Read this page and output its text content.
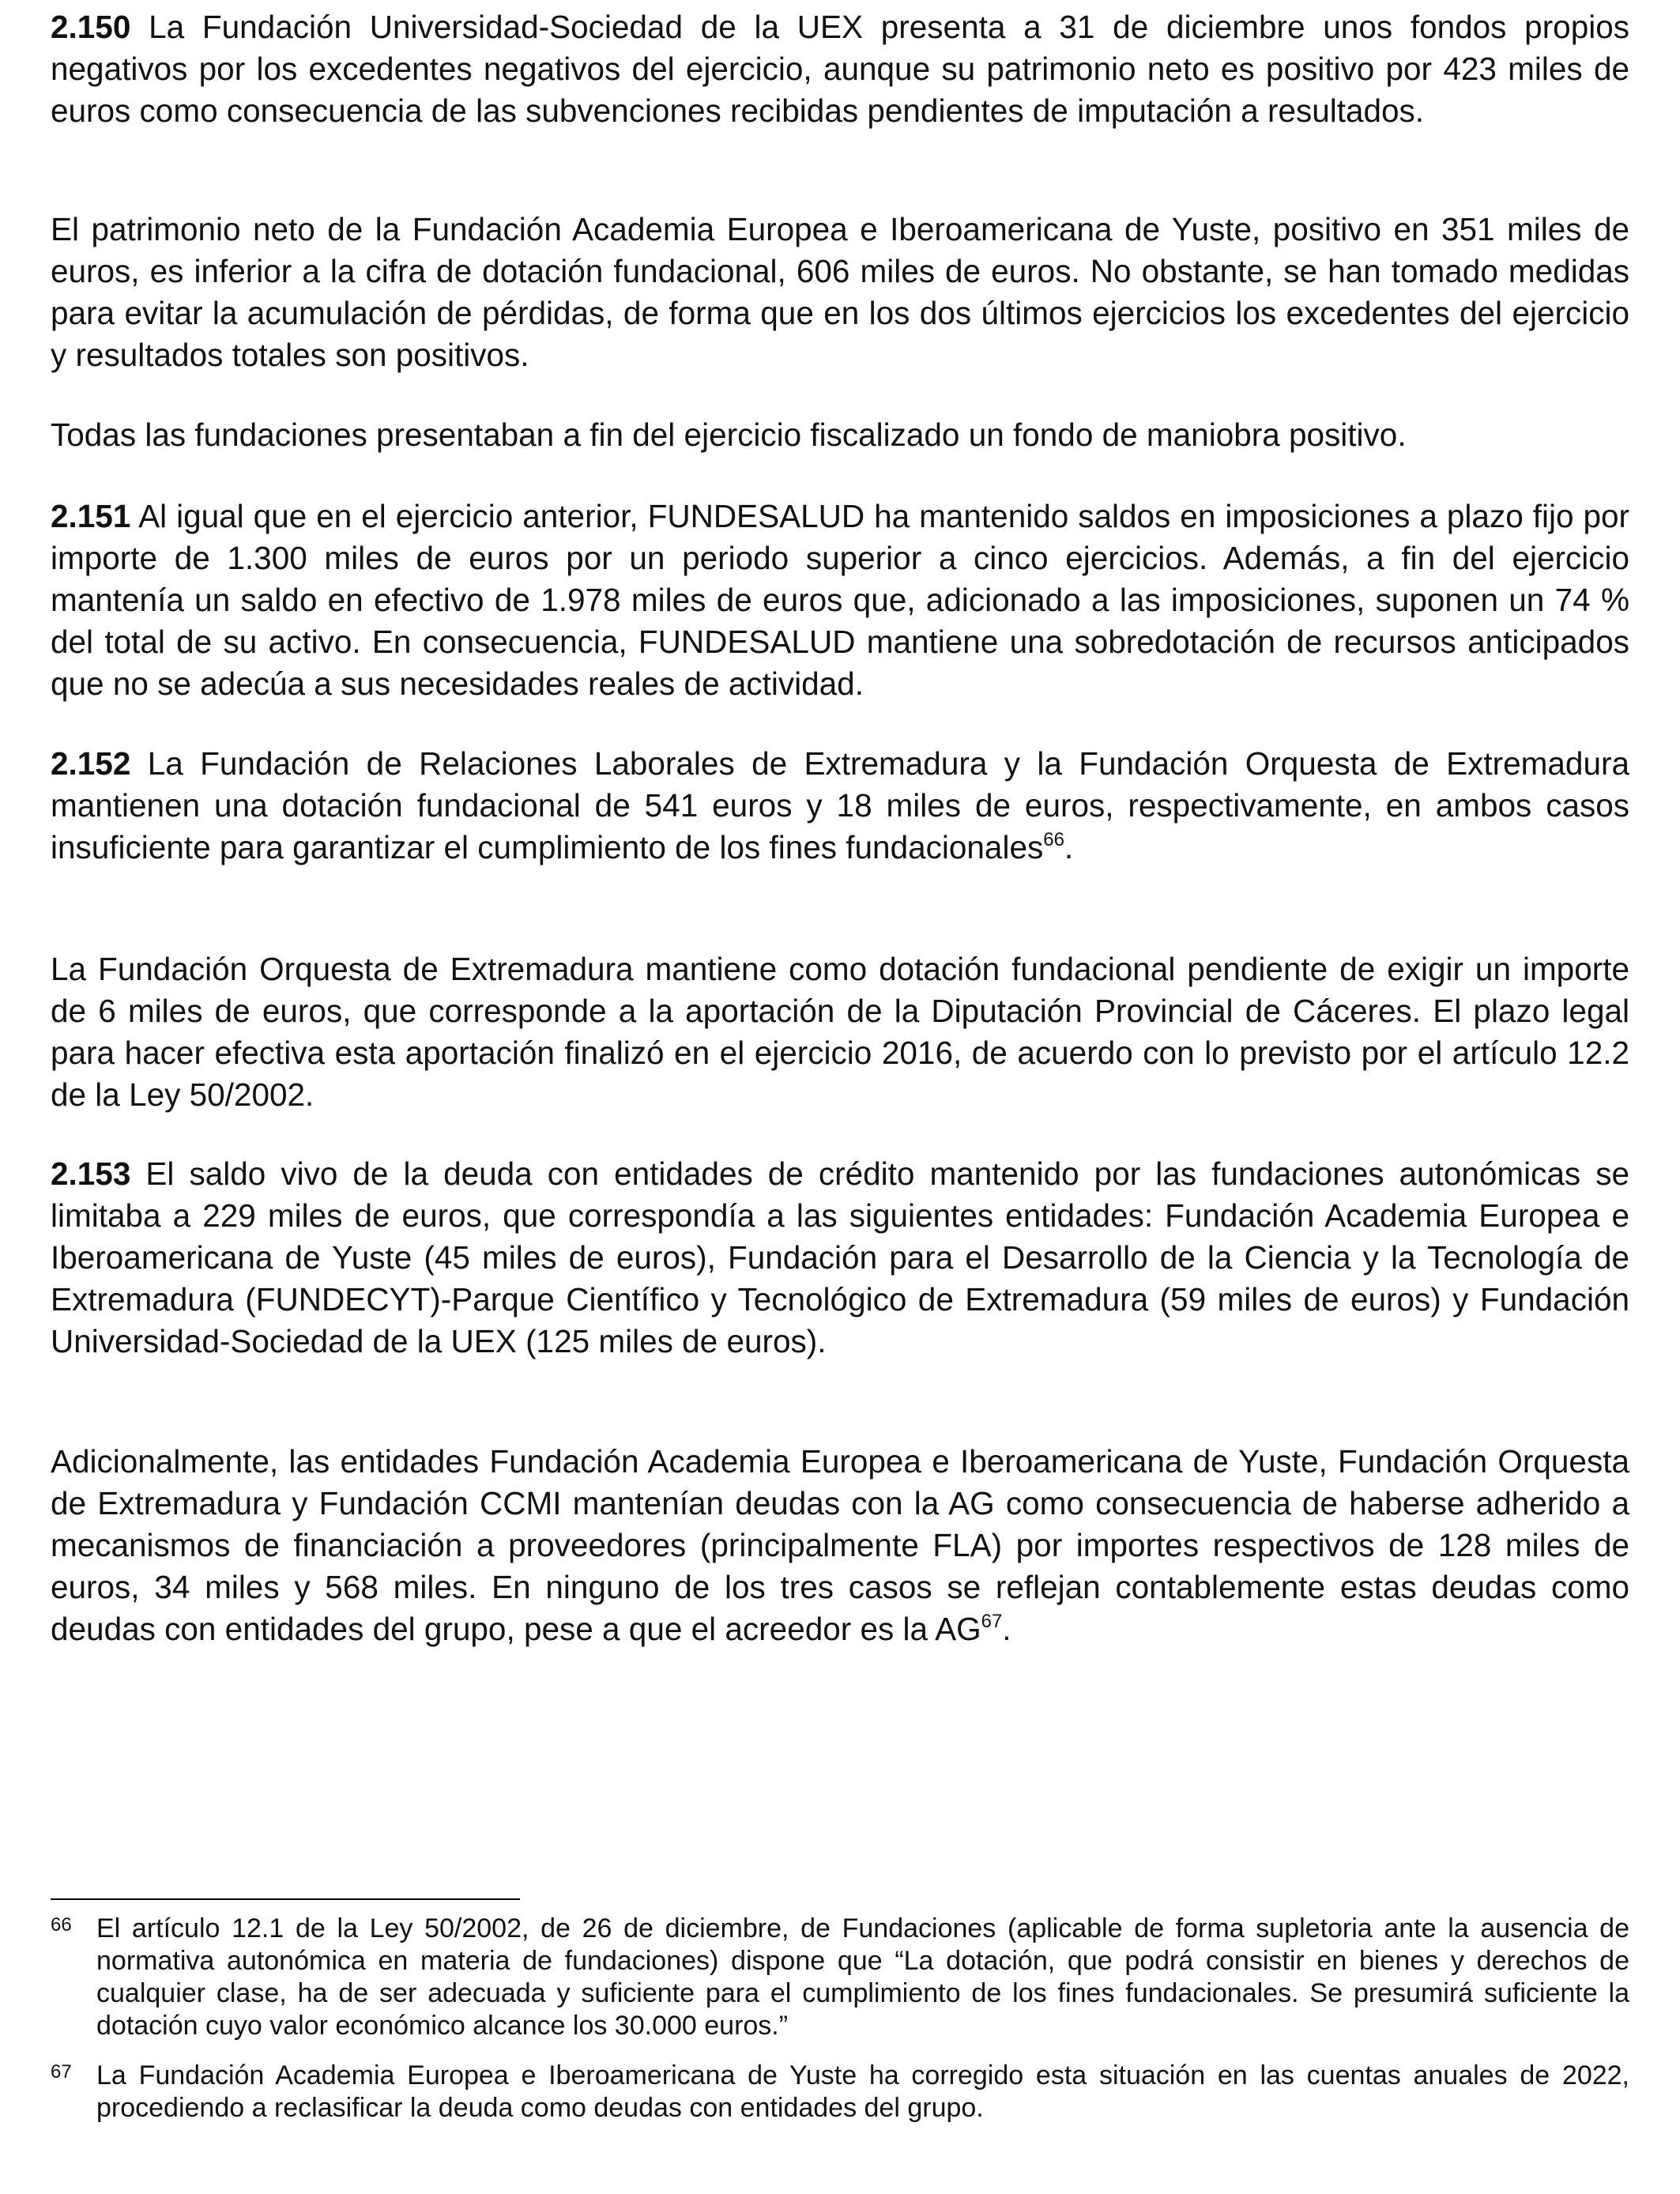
2.150 La Fundación Universidad-Sociedad de la UEX presenta a 31 de diciembre unos fondos propios negativos por los excedentes negativos del ejercicio, aunque su patrimonio neto es positivo por 423 miles de euros como consecuencia de las subvenciones recibidas pendientes de imputación a resultados.

El patrimonio neto de la Fundación Academia Europea e Iberoamericana de Yuste, positivo en 351 miles de euros, es inferior a la cifra de dotación fundacional, 606 miles de euros. No obstante, se han tomado medidas para evitar la acumulación de pérdidas, de forma que en los dos últimos ejercicios los excedentes del ejercicio y resultados totales son positivos.

Todas las fundaciones presentaban a fin del ejercicio fiscalizado un fondo de maniobra positivo.

2.151 Al igual que en el ejercicio anterior, FUNDESALUD ha mantenido saldos en imposiciones a plazo fijo por importe de 1.300 miles de euros por un periodo superior a cinco ejercicios. Además, a fin del ejercicio mantenía un saldo en efectivo de 1.978 miles de euros que, adicionado a las imposiciones, suponen un 74 % del total de su activo. En consecuencia, FUNDESALUD mantiene una sobredotación de recursos anticipados que no se adecúa a sus necesidades reales de actividad.

2.152 La Fundación de Relaciones Laborales de Extremadura y la Fundación Orquesta de Extremadura mantienen una dotación fundacional de 541 euros y 18 miles de euros, respectivamente, en ambos casos insuficiente para garantizar el cumplimiento de los fines fundacionales$^{66}$.

La Fundación Orquesta de Extremadura mantiene como dotación fundacional pendiente de exigir un importe de 6 miles de euros, que corresponde a la aportación de la Diputación Provincial de Cáceres. El plazo legal para hacer efectiva esta aportación finalizó en el ejercicio 2016, de acuerdo con lo previsto por el artículo 12.2 de la Ley 50/2002.

2.153 El saldo vivo de la deuda con entidades de crédito mantenido por las fundaciones autonómicas se limitaba a 229 miles de euros, que correspondía a las siguientes entidades: Fundación Academia Europea e Iberoamericana de Yuste (45 miles de euros), Fundación para el Desarrollo de la Ciencia y la Tecnología de Extremadura (FUNDECYT)-Parque Científico y Tecnológico de Extremadura (59 miles de euros) y Fundación Universidad-Sociedad de la UEX (125 miles de euros).

Adicionalmente, las entidades Fundación Academia Europea e Iberoamericana de Yuste, Fundación Orquesta de Extremadura y Fundación CCMI mantenían deudas con la AG como consecuencia de haberse adherido a mecanismos de financiación a proveedores (principalmente FLA) por importes respectivos de 128 miles de euros, 34 miles y 568 miles. En ninguno de los tres casos se reflejan contablemente estas deudas como deudas con entidades del grupo, pese a que el acreedor es la AG$^{67}$.

66 El artículo 12.1 de la Ley 50/2002, de 26 de diciembre, de Fundaciones (aplicable de forma supletoria ante la ausencia de normativa autonómica en materia de fundaciones) dispone que “La dotación, que podrá consistir en bienes y derechos de cualquier clase, ha de ser adecuada y suficiente para el cumplimiento de los fines fundacionales. Se presumirá suficiente la dotación cuyo valor económico alcance los 30.000 euros.”
67 La Fundación Academia Europea e Iberoamericana de Yuste ha corregido esta situación en las cuentas anuales de 2022, procediendo a reclasificar la deuda como deudas con entidades del grupo.
